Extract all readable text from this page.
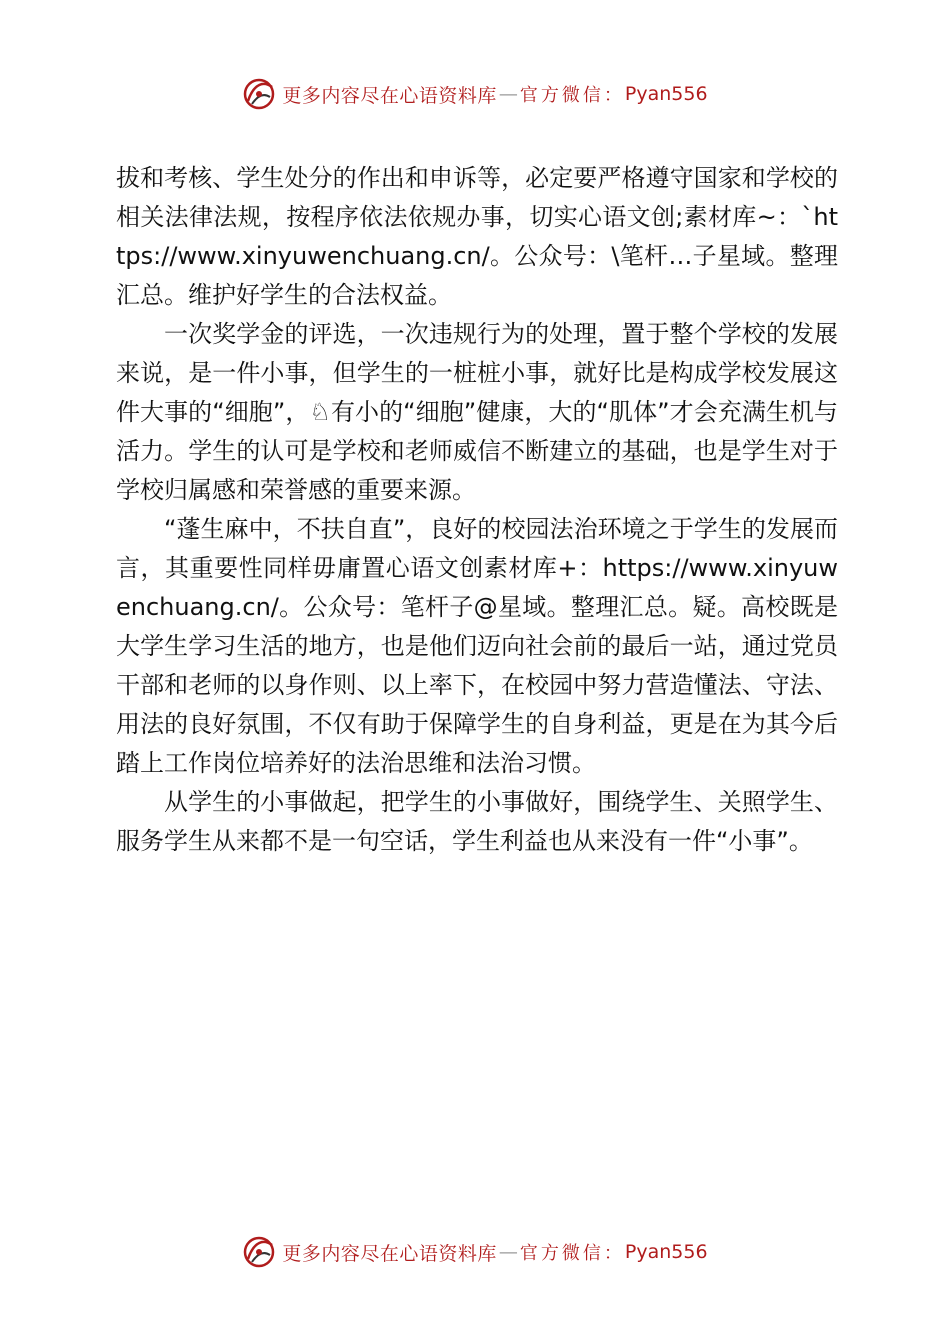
更多内容尽在心语资料库 — 官方微信： Pyan556

拔和考核、学生处分的作出和申诉等，必定要严格遵守国家和学校的相关法律法规，按程序依法依规办事，切实心语文创;素材库~：`https://www.xinyuwenchuang.cn/。公众号：\笔杆…子星域。整理汇总。维护好学生的合法权益。

一次奖学金的评选，一次违规行为的处理，置于整个学校的发展来说，是一件小事，但学生的一桩桩小事，就好比是构成学校发展这件大事的“细胞”，♘有小的“细胞”健康，大的“肌体”才会充满生机与活力。学生的认可是学校和老师威信不断建立的基础，也是学生对于学校归属感和荣誉感的重要来源。

“蓬生麻中，不扶自直”，良好的校园法治环境之于学生的发展而言，其重要性同样毋庸置心语文创素材库+：https://www.xinyuwenchuang.cn/。公众号：笔杆子@星域。整理汇总。疑。高校既是大学生学习生活的地方，也是他们迈向社会前的最后一站，通过党员干部和老师的以身作则、以上率下，在校园中努力营造懂法、守法、用法的良好氛围，不仅有助于保障学生的自身利益，更是在为其今后踏上工作岗位培养好的法治思维和法治习惯。

从学生的小事做起，把学生的小事做好，围绕学生、关照学生、服务学生从来都不是一句空话，学生利益也从来没有一件“小事”。

更多内容尽在心语资料库 — 官方微信： Pyan556
